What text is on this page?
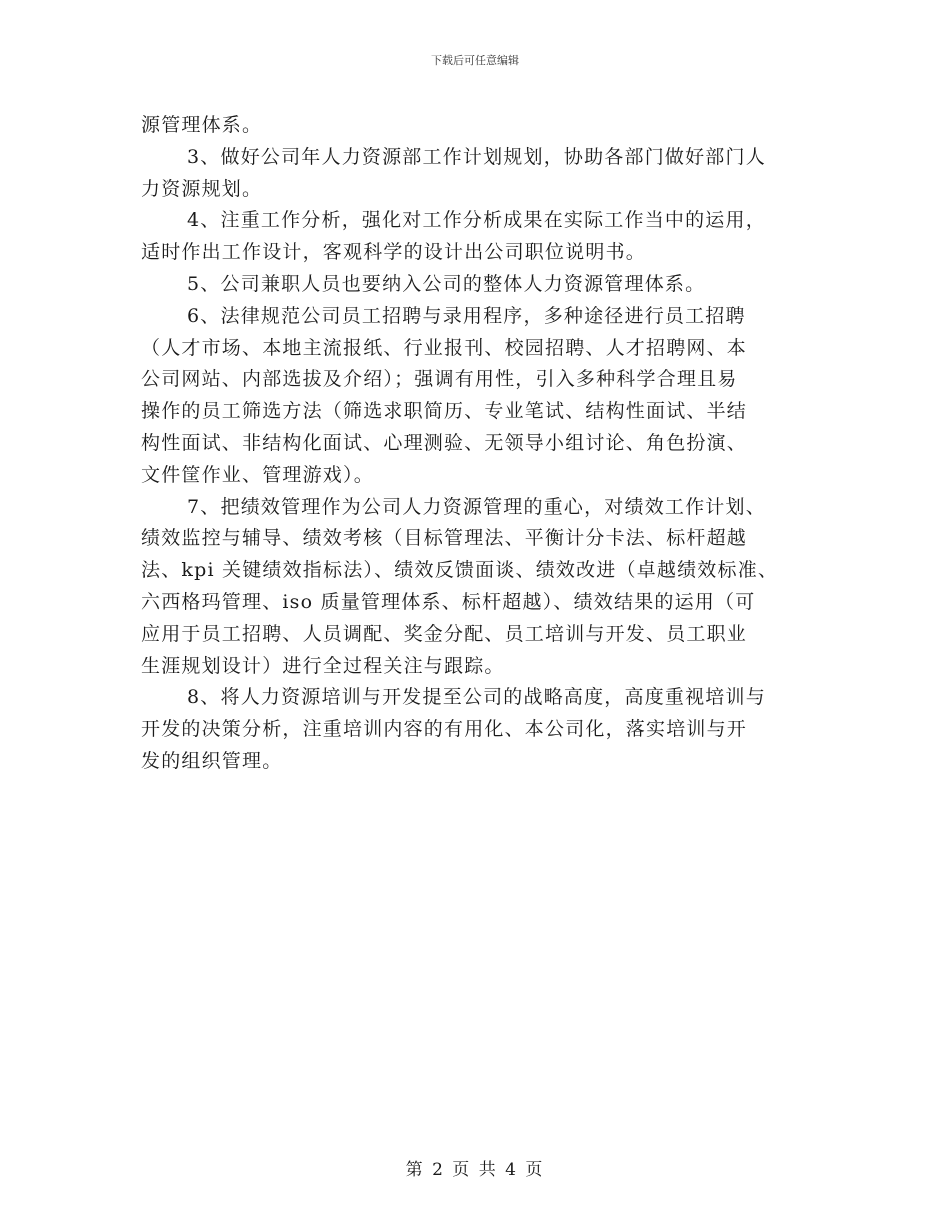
下载后可任意编辑
源管理体系。
3、做好公司年人力资源部工作计划规划，协助各部门做好部门人
力资源规划。
4、注重工作分析，强化对工作分析成果在实际工作当中的运用，
适时作出工作设计，客观科学的设计出公司职位说明书。
5、公司兼职人员也要纳入公司的整体人力资源管理体系。
6、法律规范公司员工招聘与录用程序，多种途径进行员工招聘
（人才市场、本地主流报纸、行业报刊、校园招聘、人才招聘网、本
公司网站、内部选拔及介绍）；强调有用性，引入多种科学合理且易
操作的员工筛选方法（筛选求职简历、专业笔试、结构性面试、半结
构性面试、非结构化面试、心理测验、无领导小组讨论、角色扮演、
文件筐作业、管理游戏）。
7、把绩效管理作为公司人力资源管理的重心，对绩效工作计划、
绩效监控与辅导、绩效考核（目标管理法、平衡计分卡法、标杆超越
法、kpi 关键绩效指标法）、绩效反馈面谈、绩效改进（卓越绩效标准、
六西格玛管理、iso 质量管理体系、标杆超越）、绩效结果的运用（可
应用于员工招聘、人员调配、奖金分配、员工培训与开发、员工职业
生涯规划设计）进行全过程关注与跟踪。
8、将人力资源培训与开发提至公司的战略高度，高度重视培训与
开发的决策分析，注重培训内容的有用化、本公司化，落实培训与开
发的组织管理。
第 2 页 共 4 页
